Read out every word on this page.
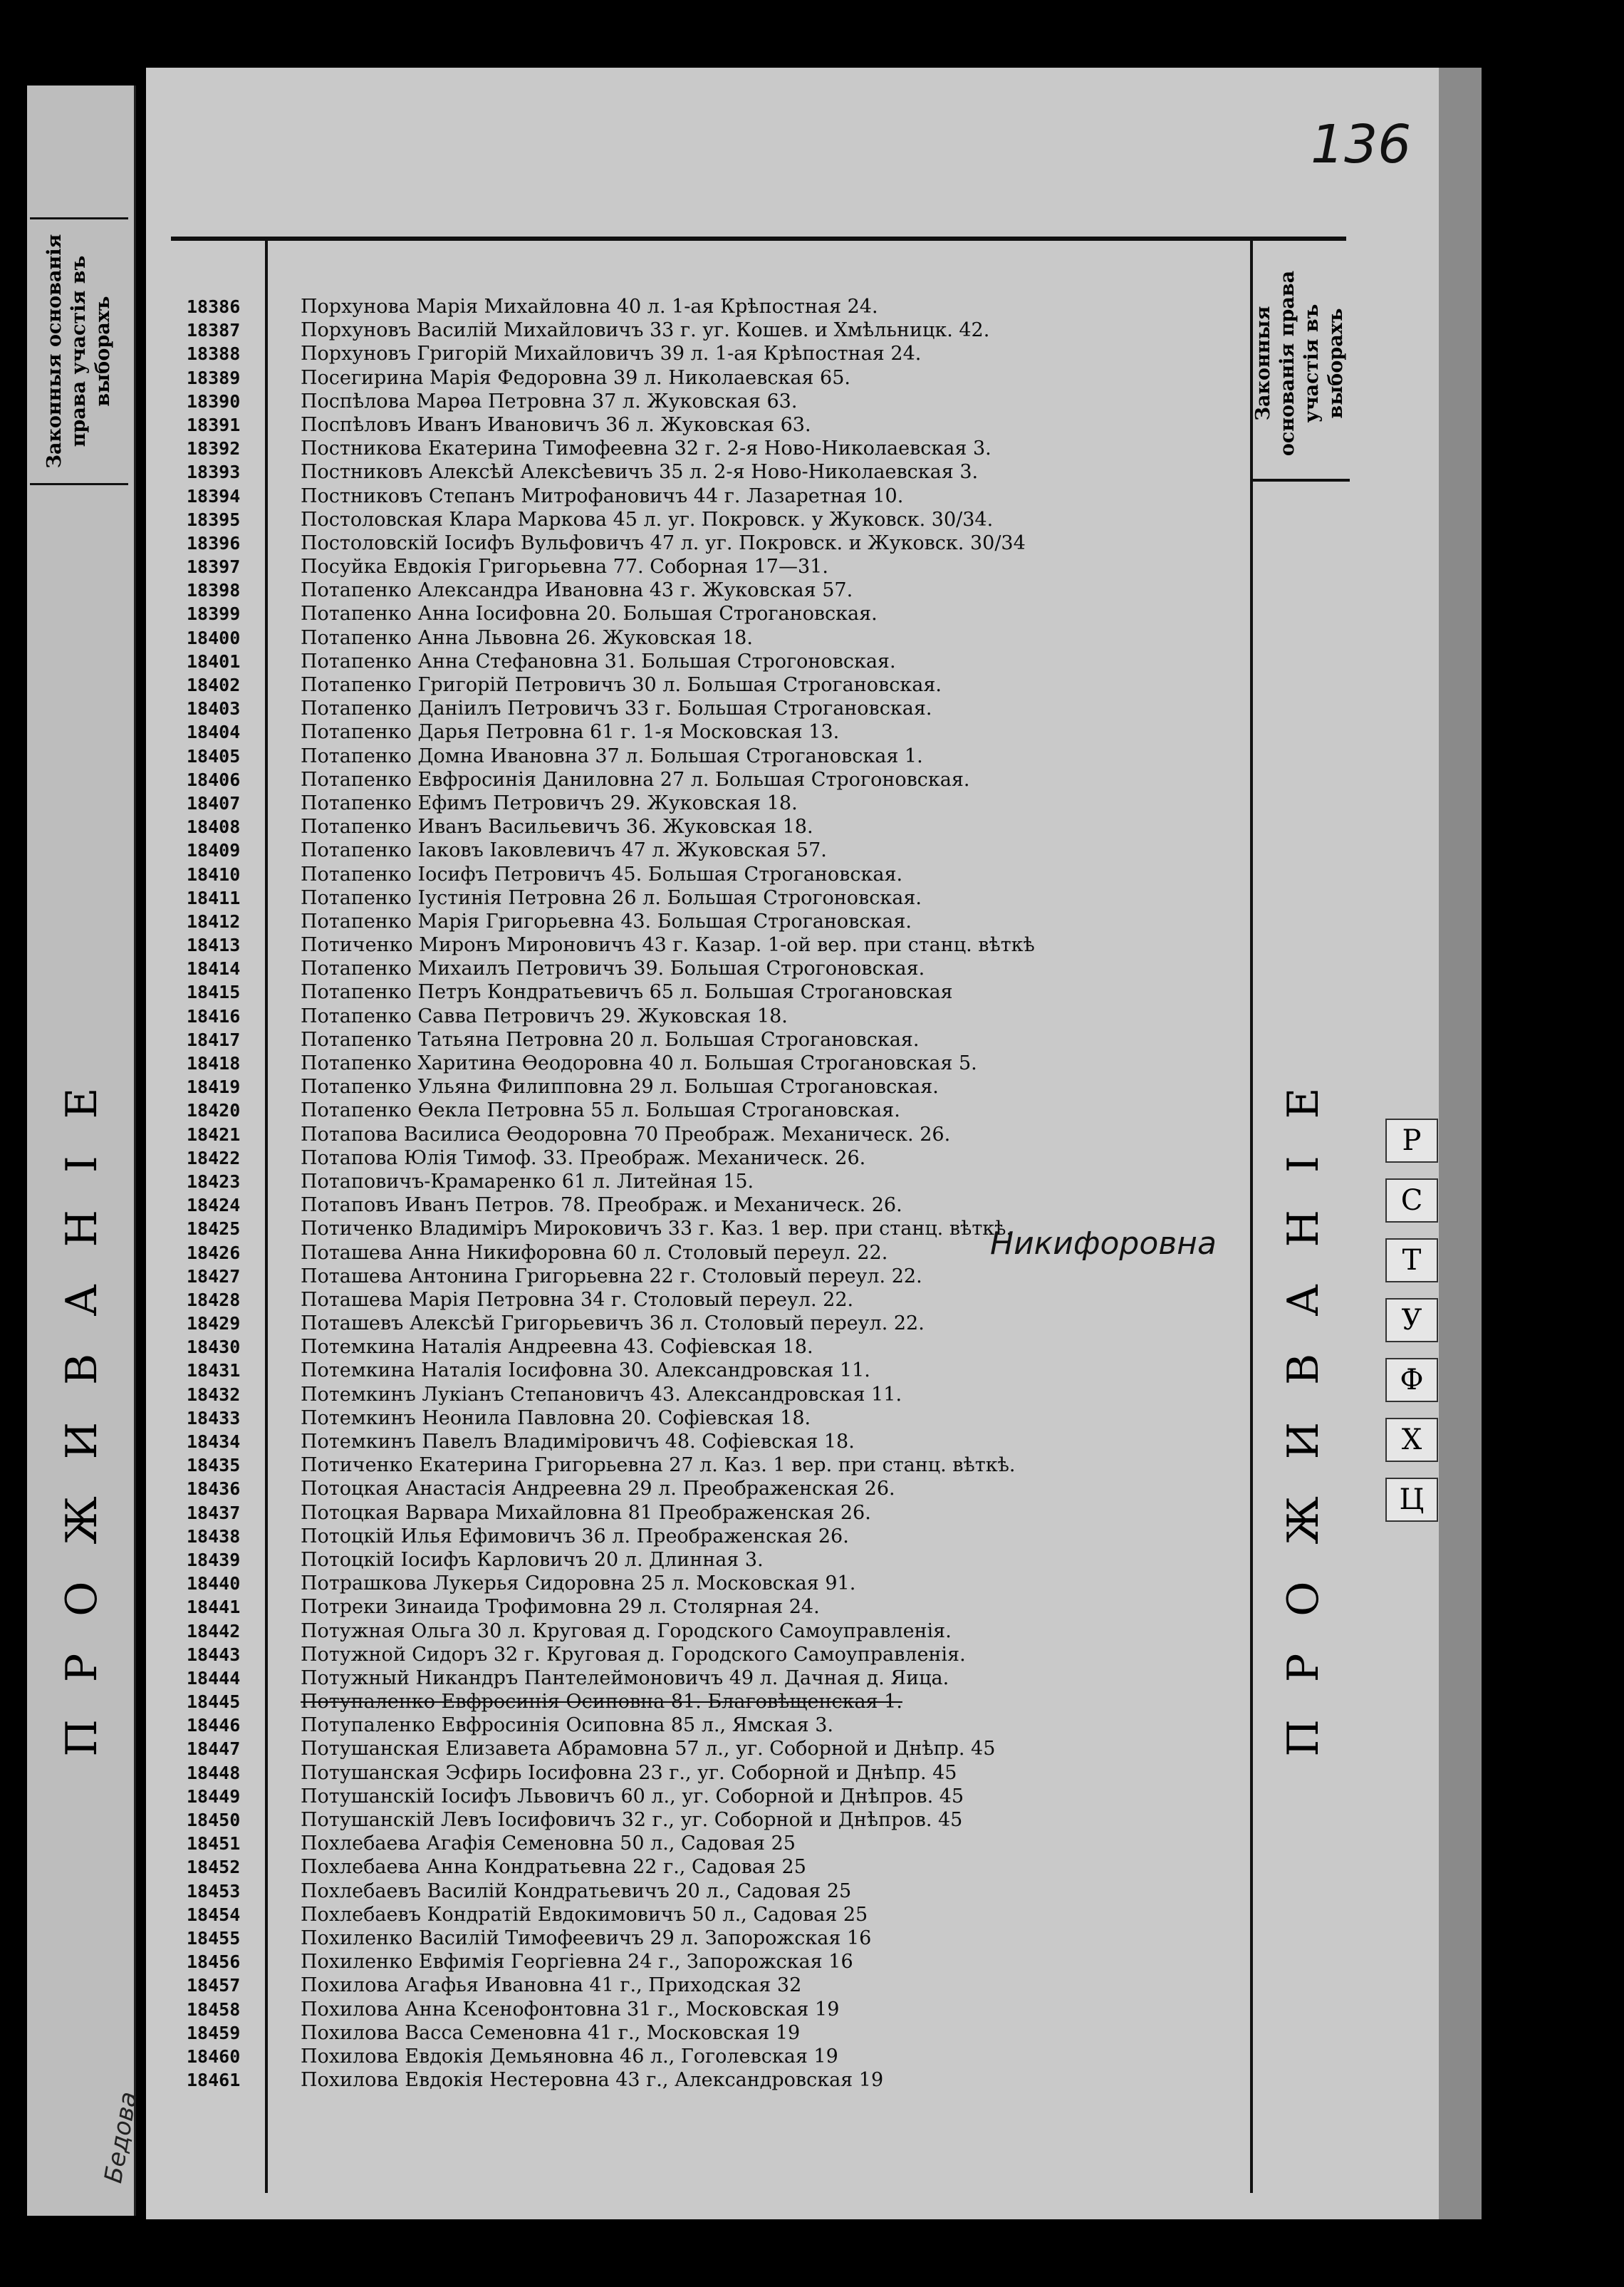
Законныя основанія права участія въ выборахъ
ПРОЖИВАНІЕ
Бедова
136
Законныя основанія права участія въ выборахъ
ПРОЖИВАНІЕ
18386	Порхунова Марія Михайловна 40 л. 1-ая Крѣпостная 24.
18387	Порхуновъ Василій Михайловичъ 33 г. уг. Кошев. и Хмѣльницк. 42.
18388	Порхуновъ Григорій Михайловичъ 39 л. 1-ая Крѣпостная 24.
18389	Посегирина Марія Федоровна 39 л. Николаевская 65.
18390	Поспѣлова Марѳа Петровна 37 л. Жуковская 63.
18391	Поспѣловъ Иванъ Ивановичъ 36 л. Жуковская 63.
18392	Постникова Екатерина Тимофеевна 32 г. 2-я Ново-Николаевская 3.
18393	Постниковъ Алексѣй Алексѣевичъ 35 л. 2-я Ново-Николаевская 3.
18394	Постниковъ Степанъ Митрофановичъ 44 г. Лазаретная 10.
18395	Постоловская Клара Маркова 45 л. уг. Покровск. у Жуковск. 30/34.
18396	Постоловскій Іосифъ Вульфовичъ 47 л. уг. Покровск. и Жуковск. 30/34
18397	Посуйка Евдокія Григорьевна 77. Соборная 17—31.
18398	Потапенко Александра Ивановна 43 г. Жуковская 57.
18399	Потапенко Анна Іосифовна 20. Большая Строгановская.
18400	Потапенко Анна Львовна 26. Жуковская 18.
18401	Потапенко Анна Стефановна 31. Большая Строгоновская.
18402	Потапенко Григорій Петровичъ 30 л. Большая Строгановская.
18403	Потапенко Даніилъ Петровичъ 33 г. Большая Строгановская.
18404	Потапенко Дарья Петровна 61 г. 1-я Московская 13.
18405	Потапенко Домна Ивановна 37 л. Большая Строгановская 1.
18406	Потапенко Евфросинія Даниловна 27 л. Большая Строгоновская.
18407	Потапенко Ефимъ Петровичъ 29. Жуковская 18.
18408	Потапенко Иванъ Васильевичъ 36. Жуковская 18.
18409	Потапенко Іаковъ Іаковлевичъ 47 л. Жуковская 57.
18410	Потапенко Іосифъ Петровичъ 45. Большая Строгановская.
18411	Потапенко Іустинія Петровна 26 л. Большая Строгоновская.
18412	Потапенко Марія Григорьевна 43. Большая Строгановская.
18413	Потиченко Миронъ Мироновичъ 43 г. Казар. 1-ой вер. при станц. вѣткѣ
18414	Потапенко Михаилъ Петровичъ 39. Большая Строгоновская.
18415	Потапенко Петръ Кондратьевичъ 65 л. Большая Строгановская
18416	Потапенко Савва Петровичъ 29. Жуковская 18.
18417	Потапенко Татьяна Петровна 20 л. Большая Строгановская.
18418	Потапенко Харитина Ѳеодоровна 40 л. Большая Строгановская 5.
18419	Потапенко Ульяна Филипповна 29 л. Большая Строгановская.
18420	Потапенко Ѳекла Петровна 55 л. Большая Строгановская.
18421	Потапова Василиса Ѳеодоровна 70 Преображ. Механическ. 26.
18422	Потапова Юлія Тимоф. 33. Преображ. Механическ. 26.
18423	Потаповичъ-Крамаренко 61 л. Литейная 15.
18424	Потаповъ Иванъ Петров. 78. Преображ. и Механическ. 26.
18425	Потиченко Владиміръ Мироковичъ 33 г. Каз. 1 вер. при станц. вѣткѣ.
18426	Поташева Анна Никифоровна 60 л. Столовый переул. 22.
18427	Поташева Антонина Григорьевна 22 г. Столовый переул. 22.
18428	Поташева Марія Петровна 34 г. Столовый переул. 22.
18429	Поташевъ Алексѣй Григорьевичъ 36 л. Столовый переул. 22.
18430	Потемкина Наталія Андреевна 43. Софіевская 18.
18431	Потемкина Наталія Іосифовна 30. Александровская 11.
18432	Потемкинъ Лукіанъ Степановичъ 43. Александровская 11.
18433	Потемкинъ Неонила Павловна 20. Софіевская 18.
18434	Потемкинъ Павелъ Владиміровичъ 48. Софіевская 18.
18435	Потиченко Екатерина Григорьевна 27 л. Каз. 1 вер. при станц. вѣткѣ.
18436	Потоцкая Анастасія Андреевна 29 л. Преображенская 26.
18437	Потоцкая Варвара Михайловна 81 Преображенская 26.
18438	Потоцкій Илья Ефимовичъ 36 л. Преображенская 26.
18439	Потоцкій Іосифъ Карловичъ 20 л. Длинная 3.
18440	Потрашкова Лукерья Сидоровна 25 л. Московская 91.
18441	Потреки Зинаида Трофимовна 29 л. Столярная 24.
18442	Потужная Ольга 30 л. Круговая д. Городского Самоуправленія.
18443	Потужной Сидоръ 32 г. Круговая д. Городского Самоуправленія.
18444	Потужный Никандръ Пантелеймоновичъ 49 л. Дачная д. Яица.
18445	Потупаленко Евфросинія Осиповна 81. Благовѣщенская 1.
18446	Потупаленко Евфросинія Осиповна 85 л., Ямская 3.
18447	Потушанская Елизавета Абрамовна 57 л., уг. Соборной и Днѣпр. 45
18448	Потушанская Эсфирь Іосифовна 23 г., уг. Соборной и Днѣпр. 45
18449	Потушанскій Іосифъ Львовичъ 60 л., уг. Соборной и Днѣпров. 45
18450	Потушанскій Левъ Іосифовичъ 32 г., уг. Соборной и Днѣпров. 45
18451	Похлебаева Агафія Семеновна 50 л., Садовая 25
18452	Похлебаева Анна Кондратьевна 22 г., Садовая 25
18453	Похлебаевъ Василій Кондратьевичъ 20 л., Садовая 25
18454	Похлебаевъ Кондратій Евдокимовичъ 50 л., Садовая 25
18455	Похиленко Василій Тимофеевичъ 29 л. Запорожская 16
18456	Похиленко Евфимія Георгіевна 24 г., Запорожская 16
18457	Похилова Агафья Ивановна 41 г., Приходская 32
18458	Похилова Анна Ксенофонтовна 31 г., Московская 19
18459	Похилова Васса Семеновна 41 г., Московская 19
18460	Похилова Евдокія Демьяновна 46 л., Гоголевская 19
18461	Похилова Евдокія Нестеровна 43 г., Александровская 19
Никифоровна
Р
С
Т
У
Ф
Х
Ц
